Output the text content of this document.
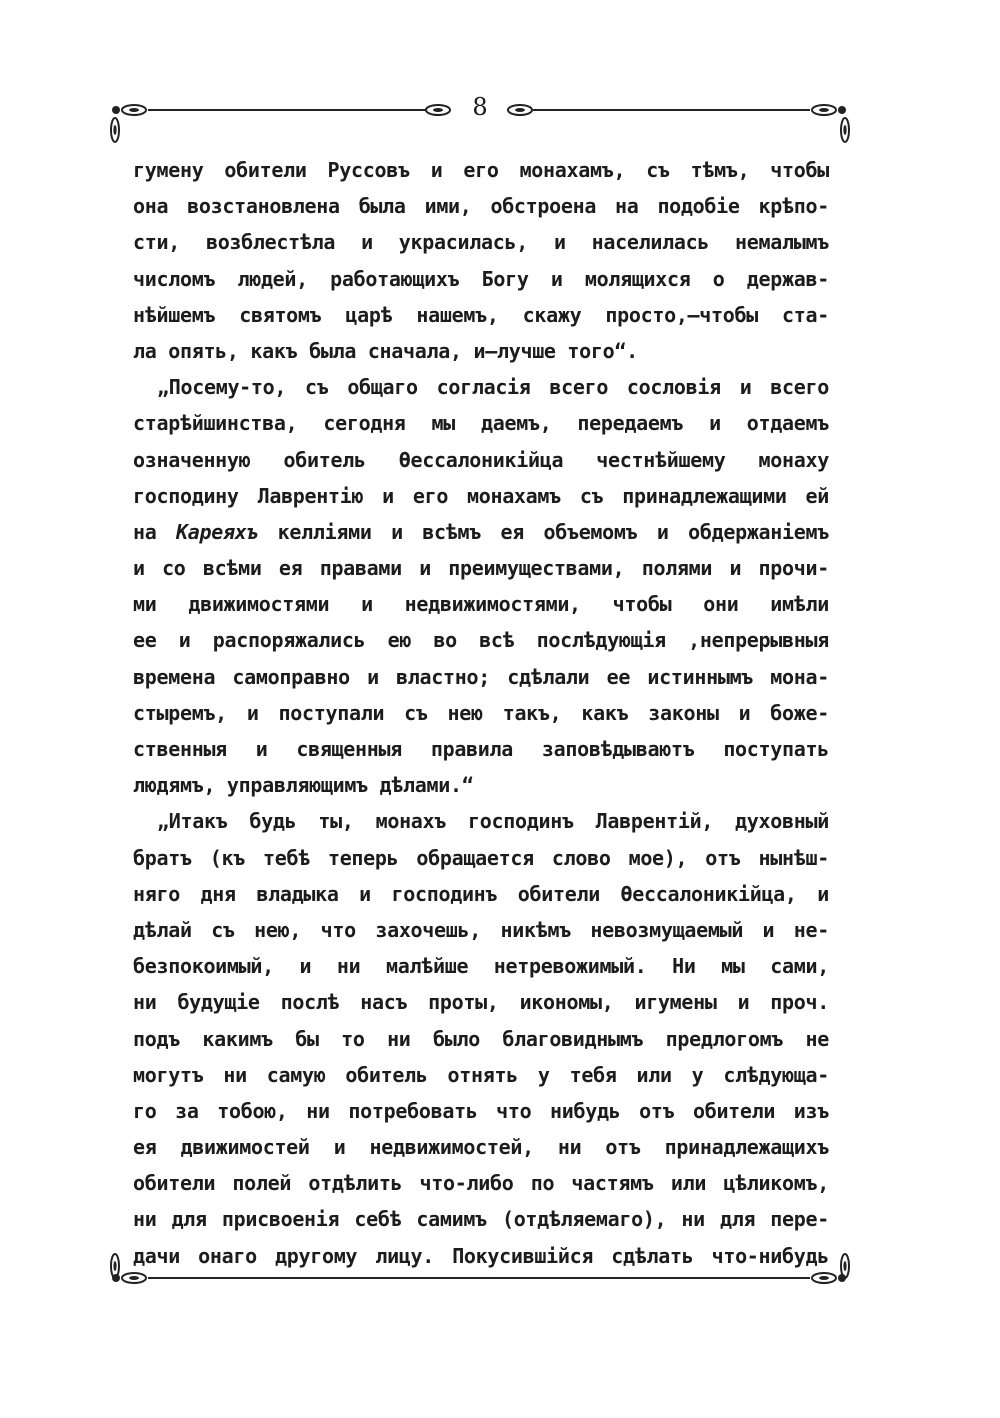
8
гумену обители Руссовъ и его монахамъ, съ тѣмъ, чтобы
она возстановлена была ими, обстроена на подобіе крѣпо-
сти, возблестѣла и украсилась, и населилась немалымъ
числомъ людей, работающихъ Богу и молящихся о держав-
нѣйшемъ святомъ царѣ нашемъ, скажу просто,—чтобы ста-
ла опять, какъ была сначала, и—лучше того“.
„Посему-то, съ общаго согласія всего сословія и всего
старѣйшинства, сегодня мы даемъ, передаемъ и отдаемъ
означенную обитель Өессалоникійца честнѣйшему монаху
господину Лаврентію и его монахамъ съ принадлежащими ей
на Кареяхъ келліями и всѣмъ ея объемомъ и обдержаніемъ
и со всѣми ея правами и преимуществами, полями и прочи-
ми движимостями и недвижимостями, чтобы они имѣли
ее и распоряжались ею во всѣ послѣдующія ,непрерывныя
времена самоправно и властно; сдѣлали ее истиннымъ мона-
стыремъ, и поступали съ нею такъ, какъ законы и боже-
ственныя и священныя правила заповѣдываютъ поступать
людямъ, управляющимъ дѣлами.“
„Итакъ будь ты, монахъ господинъ Лаврентій, духовный
братъ (къ тебѣ теперь обращается слово мое), отъ нынѣш-
няго дня владыка и господинъ обители Өессалоникійца, и
дѣлай съ нею, что захочешь, никѣмъ невозмущаемый и не-
безпокоимый, и ни малѣйше нетревожимый. Ни мы сами,
ни будущіе послѣ насъ проты, икономы, игумены и проч.
подъ какимъ бы то ни было благовиднымъ предлогомъ не
могутъ ни самую обитель отнять у тебя или у слѣдующа-
го за тобою, ни потребовать что нибудь отъ обители изъ
ея движимостей и недвижимостей, ни отъ принадлежащихъ
обители полей отдѣлить что-либо по частямъ или цѣликомъ,
ни для присвоенія себѣ самимъ (отдѣляемаго), ни для пере-
дачи онаго другому лицу. Покусившійся сдѣлать что-нибудь
